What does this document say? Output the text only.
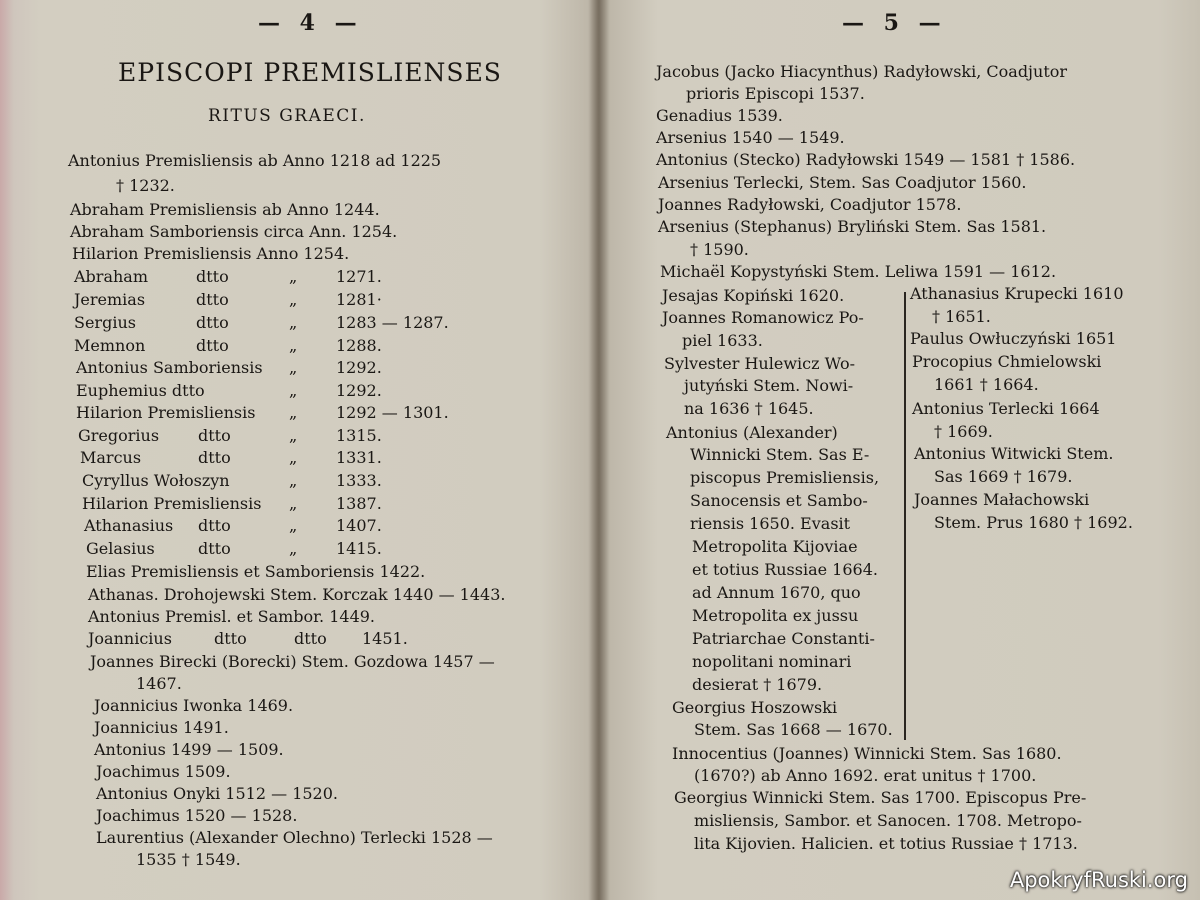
— 4 —
EPISCOPI PREMISLIENSES
RITUS GRAECI.
Antonius Premisliensis ab Anno 1218 ad 1225
† 1232.
Abraham Premisliensis ab Anno 1244.
Abraham Samboriensis circa Ann. 1254.
Hilarion Premisliensis Anno 1254.
Abraham	dtto	„ 1271.
Jeremias	dtto	„ 1281·
Sergius	dtto	„ 1283 — 1287.
Memnon	dtto	„ 1288.
Antonius Samboriensis „ 1292.
Euphemius dtto	„ 1292.
Hilarion Premisliensis „ 1292 — 1301.
Gregorius dtto	„ 1315.
Marcus	dtto	„ 1331.
Cyryllus Wołoszyn	„ 1333.
Hilarion Premisliensis „ 1387.
Athanasius dtto	„ 1407.
Gelasius	dtto	„ 1415.
Elias Premisliensis et Samboriensis 1422.
Athanas. Drohojewski Stem. Korczak 1440 — 1443.
Antonius Premisl. et Sambor. 1449.
Joannicius	dtto	dtto 1451.
Joannes Birecki (Borecki) Stem. Gozdowa 1457 —
1467.
Joannicius Iwonka 1469.
Joannicius 1491.
Antonius 1499 — 1509.
Joachimus 1509.
Antonius Onyki 1512 — 1520.
Joachimus 1520 — 1528.
Laurentius (Alexander Olechno) Terlecki 1528 —
1535 † 1549.
— 5 —
Jacobus (Jacko Hiacynthus) Radyłowski, Coadjutor
prioris Episcopi 1537.
Genadius 1539.
Arsenius 1540 — 1549.
Antonius (Stecko) Radyłowski 1549 — 1581 † 1586.
Arsenius Terlecki, Stem. Sas Coadjutor 1560.
Joannes Radyłowski, Coadjutor 1578.
Arsenius (Stephanus) Bryliński Stem. Sas 1581.
† 1590.
Michaël Kopystyński Stem. Leliwa 1591 — 1612.
Jesajas Kopiński 1620.
Joannes Romanowicz Po-
piel 1633.
Sylvester Hulewicz Wo-
jutyński Stem. Nowi-
na 1636 † 1645.
Antonius (Alexander)
Winnicki Stem. Sas E-
piscopus Premisliensis,
Sanocensis et Sambo-
riensis 1650. Evasit
Metropolita Kijoviae
et totius Russiae 1664.
ad Annum 1670, quo
Metropolita ex jussu
Patriarchae Constanti-
nopolitani nominari
desierat † 1679.
Georgius Hoszowski
Stem. Sas 1668 — 1670.
Athanasius Krupecki 1610
† 1651.
Paulus Owłuczyński 1651
Procopius Chmielowski
1661 † 1664.
Antonius Terlecki 1664
† 1669.
Antonius Witwicki Stem.
Sas 1669 † 1679.
Joannes Małachowski
Stem. Prus 1680 † 1692.
Innocentius (Joannes) Winnicki Stem. Sas 1680.
(1670?) ab Anno 1692. erat unitus † 1700.
Georgius Winnicki Stem. Sas 1700. Episcopus Pre-
misliensis, Sambor. et Sanocen. 1708. Metropo-
lita Kijovien. Halicien. et totius Russiae † 1713.
ApokryfRuski.org
